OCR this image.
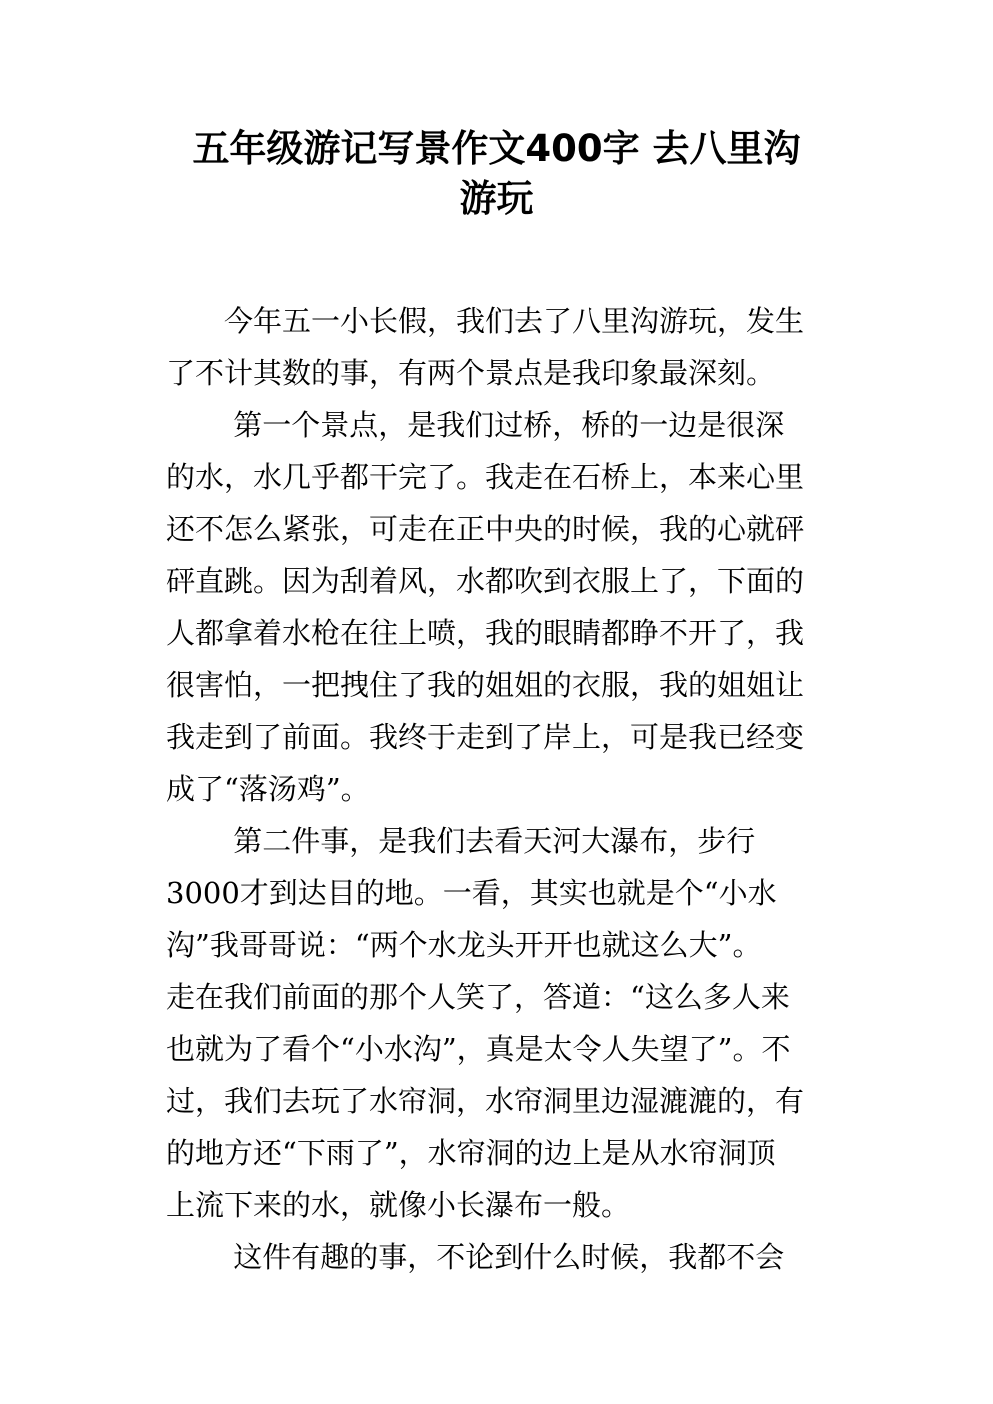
五年级游记写景作文400字 去八里沟
游玩

　　今年五一小长假，我们去了八里沟游玩，发生

了不计其数的事，有两个景点是我印象最深刻。

　　 第一个景点，是我们过桥，桥的一边是很深

的水，水几乎都干完了。我走在石桥上，本来心里

还不怎么紧张，可走在正中央的时候，我的心就砰

砰直跳。因为刮着风，水都吹到衣服上了，下面的

人都拿着水枪在往上喷，我的眼睛都睁不开了，我

很害怕，一把拽住了我的姐姐的衣服，我的姐姐让

我走到了前面。我终于走到了岸上，可是我已经变

成了“落汤鸡”。

　　 第二件事，是我们去看天河大瀑布，步行

3000才到达目的地。一看，其实也就是个“小水

沟”我哥哥说：“两个水龙头开开也就这么大”。

走在我们前面的那个人笑了，答道：“这么多人来

也就为了看个“小水沟”，真是太令人失望了”。不

过，我们去玩了水帘洞，水帘洞里边湿漉漉的，有

的地方还“下雨了”，水帘洞的边上是从水帘洞顶

上流下来的水，就像小长瀑布一般。

　　 这件有趣的事，不论到什么时候，我都不会
